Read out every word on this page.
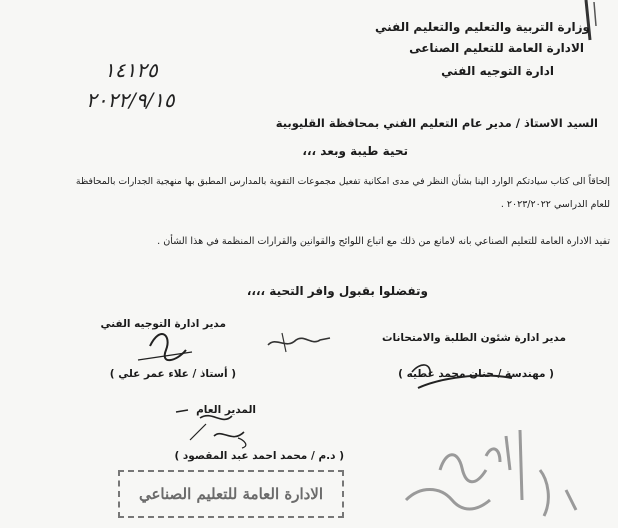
وزارة التربية والتعليم والتعليم الفني
الادارة العامة للتعليم الصناعى
ادارة التوجيه الفني
١٤١٢٥
٢٠٢٢/٩/١٥
السيد الاستاذ / مدير عام التعليم الفني بمحافظة القليوبية
تحية طيبة وبعد ،،،
إلحاقاً الى كتاب سيادتكم الوارد الينا بشأن النظر في مدى امكانية تفعيل مجموعات التقوية بالمدارس المطبق بها منهجية الجدارات بالمحافظة
للعام الدراسي ٢٠٢٣/٢٠٢٢ .
تفيد الادارة العامة للتعليم الصناعي بانه لامانع من ذلك مع اتباع اللوائح والقوانين والقرارات المنظمة في هذا الشأن .
وتفضلوا بقبول وافر التحية ،،،،
مدير ادارة شئون الطلبة والامتحانات
( مهندسة / حنان محمد عطيه )
مدير ادارة التوجيه الفني
( أستاذ / علاء عمر علي )
المدير العام
( د.م / محمد احمد عبد المقصود )
الادارة العامة للتعليم الصناعي
